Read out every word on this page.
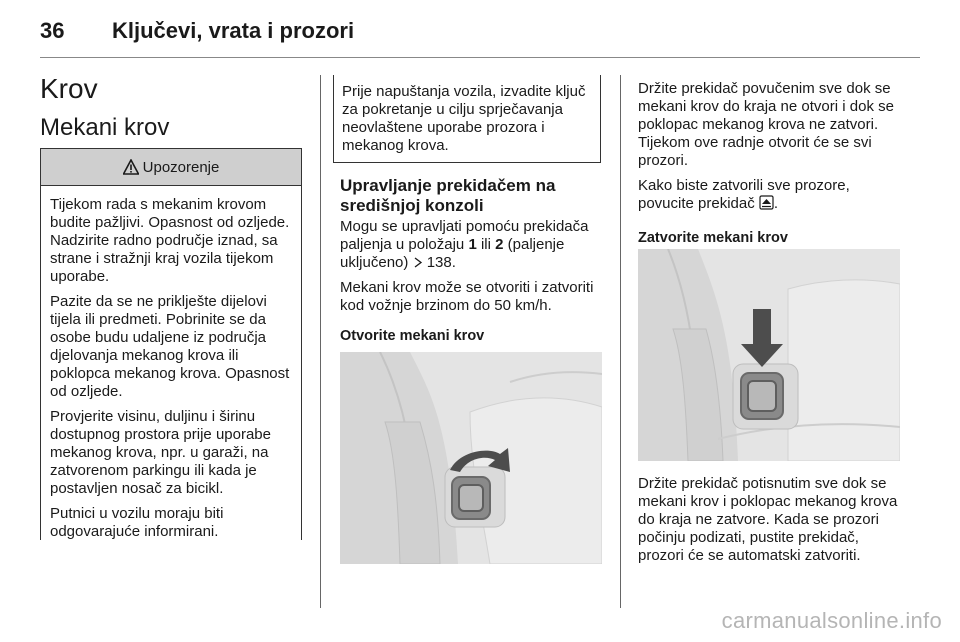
36 Ključevi, vrata i prozori
Krov
Mekani krov
Upozorenje

Tijekom rada s mekanim krovom budite pažljivi. Opasnost od ozljede. Nadzirite radno područje iznad, sa strane i stražnji kraj vozila tijekom uporabe.

Pazite da se ne priklješte dijelovi tijela ili predmeti. Pobrinite se da osobe budu udaljene iz područja djelovanja mekanog krova ili poklopca mekanog krova. Opasnost od ozljede.

Provjerite visinu, duljinu i širinu dostupnog prostora prije uporabe mekanog krova, npr. u garaži, na zatvorenom parkingu ili kada je postavljen nosač za bicikl.

Putnici u vozilu moraju biti odgovarajuće informirani.

Prije napuštanja vozila, izvadite ključ za pokretanje u cilju sprječavanja neovlaštene uporabe prozora i mekanog krova.

Upravljanje prekidačem na središnjoj konzoli

Mogu se upravljati pomoću prekidača paljenja u položaju 1 ili 2 (paljenje uključeno)  138.

Mekani krov može se otvoriti i zatvoriti kod vožnje brzinom do 50 km/h.

Otvorite mekani krov

Držite prekidač povučenim sve dok se mekani krov do kraja ne otvori i dok se poklopac mekanog krova ne zatvori. Tijekom ove radnje otvorit će se svi prozori.

Kako biste zatvorili sve prozore, povucite prekidač .

Zatvorite mekani krov

Držite prekidač potisnutim sve dok se mekani krov i poklopac mekanog krova do kraja ne zatvore. Kada se prozori počinju podizati, pustite prekidač, prozori će se automatski zatvoriti.

carmanualsonline.info
